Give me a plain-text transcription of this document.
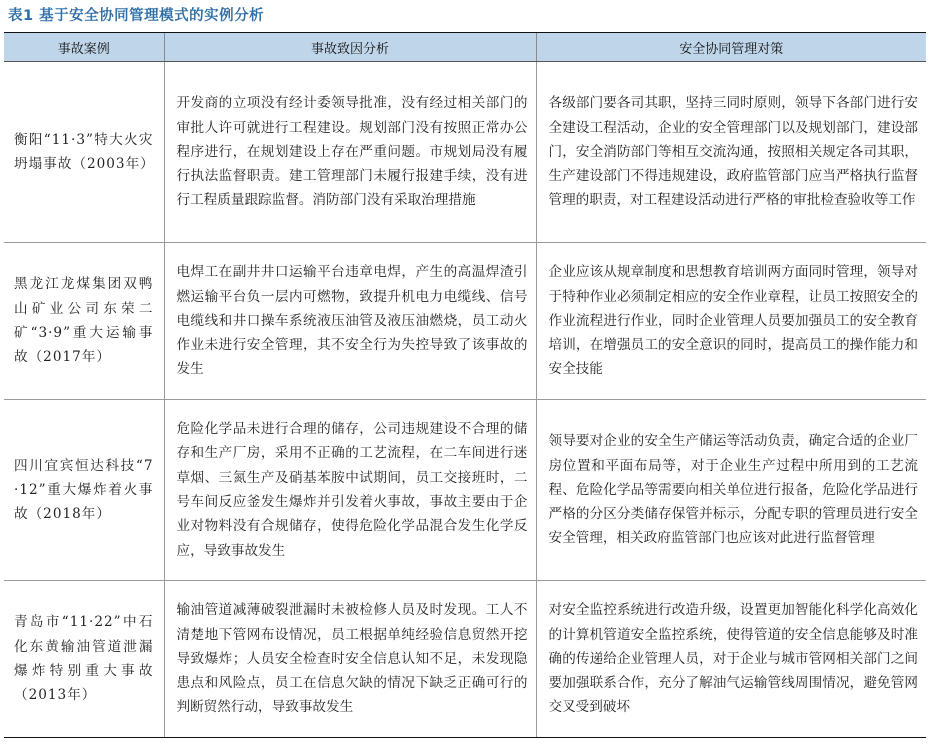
表1 基于安全协同管理模式的实例分析
事故案例	事故致因分析	安全协同管理对策
衡阳“11·3”特大火灾坍塌事故（2003年）	开发商的立项没有经计委领导批准，没有经过相关部门的审批人许可就进行工程建设。规划部门没有按照正常办公程序进行，在规划建设上存在严重问题。市规划局没有履行执法监督职责。建工管理部门未履行报建手续，没有进行工程质量跟踪监督。消防部门没有采取治理措施	各级部门要各司其职，坚持三同时原则，领导下各部门进行安全建设工程活动，企业的安全管理部门以及规划部门，建设部门，安全消防部门等相互交流沟通，按照相关规定各司其职，生产建设部门不得违规建设，政府监管部门应当严格执行监督管理的职责，对工程建设活动进行严格的审批检查验收等工作
黑龙江龙煤集团双鸭山矿业公司东荣二矿“3·9”重大运输事故（2017年）	电焊工在副井井口运输平台违章电焊，产生的高温焊渣引燃运输平台负一层内可燃物，致提升机电力电缆线、信号电缆线和井口操车系统液压油管及液压油燃烧，员工动火作业未进行安全管理，其不安全行为失控导致了该事故的发生	企业应该从规章制度和思想教育培训两方面同时管理，领导对于特种作业必须制定相应的安全作业章程，让员工按照安全的作业流程进行作业，同时企业管理人员要加强员工的安全教育培训，在增强员工的安全意识的同时，提高员工的操作能力和安全技能
四川宜宾恒达科技“7·12”重大爆炸着火事故（2018年）	危险化学品未进行合理的储存，公司违规建设不合理的储存和生产厂房，采用不正确的工艺流程，在二车间进行迷草烟、三氮生产及硝基苯胺中试期间，员工交接班时，二号车间反应釜发生爆炸并引发着火事故，事故主要由于企业对物料没有合规储存，使得危险化学品混合发生化学反应，导致事故发生	领导要对企业的安全生产储运等活动负责，确定合适的企业厂房位置和平面布局等，对于企业生产过程中所用到的工艺流程、危险化学品等需要向相关单位进行报备，危险化学品进行严格的分区分类储存保管并标示，分配专职的管理员进行安全安全管理，相关政府监管部门也应该对此进行监督管理
青岛市“11·22”中石化东黄输油管道泄漏爆炸特别重大事故（2013年）	输油管道减薄破裂泄漏时未被检修人员及时发现。工人不清楚地下管网布设情况，员工根据单纯经验信息贸然开挖导致爆炸；人员安全检查时安全信息认知不足，未发现隐患点和风险点，员工在信息欠缺的情况下缺乏正确可行的判断贸然行动，导致事故发生	对安全监控系统进行改造升级，设置更加智能化科学化高效化的计算机管道安全监控系统，使得管道的安全信息能够及时准确的传递给企业管理人员，对于企业与城市管网相关部门之间要加强联系合作，充分了解油气运输管线周围情况，避免管网交叉受到破坏
